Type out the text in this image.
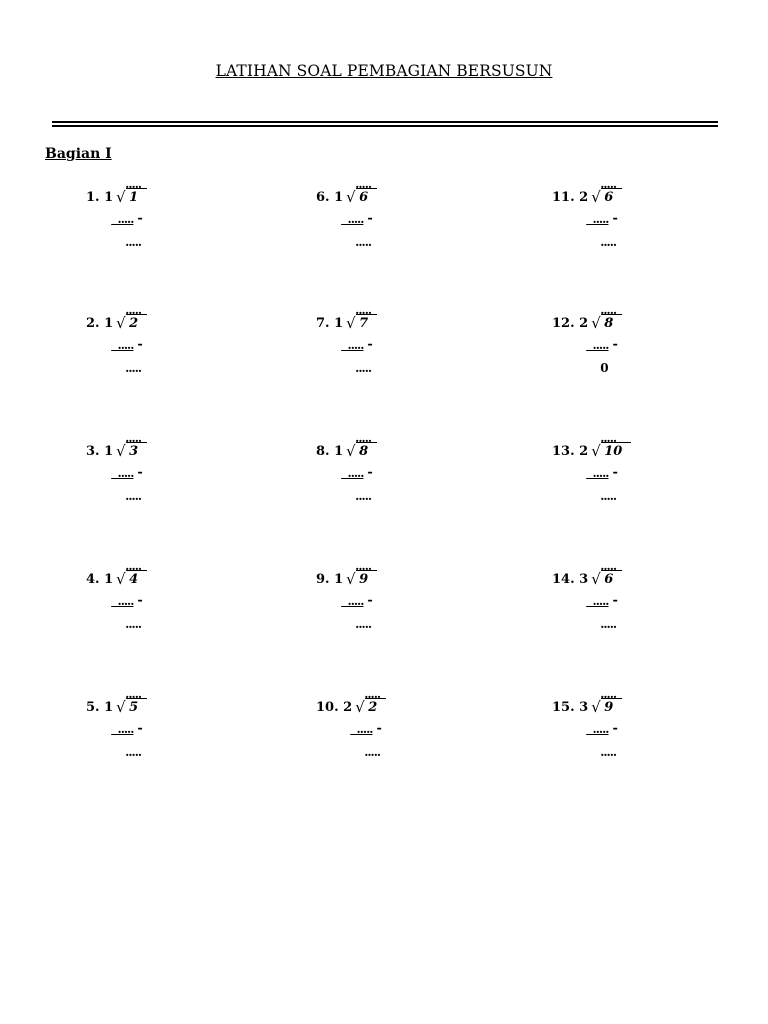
LATIHAN SOAL PEMBAGIAN BERSUSUN
Bagian I
1. 1 √ 1
.....
..... -
.....
2. 1 √ 2
.....
..... -
.....
3. 1 √ 3
.....
..... -
.....
4. 1 √ 4
.....
..... -
.....
5. 1 √ 5
.....
..... -
.....
6. 1 √ 6
.....
..... -
.....
7. 1 √ 7
.....
..... -
.....
8. 1 √ 8
.....
..... -
.....
9. 1 √ 9
.....
..... -
.....
10. 2 √ 2
.....
..... -
.....
11. 2 √ 6
.....
..... -
.....
12. 2 √ 8
.....
..... -
0
13. 2 √ 10
.....
..... -
.....
14. 3 √ 6
.....
..... -
.....
15. 3 √ 9
.....
..... -
.....
